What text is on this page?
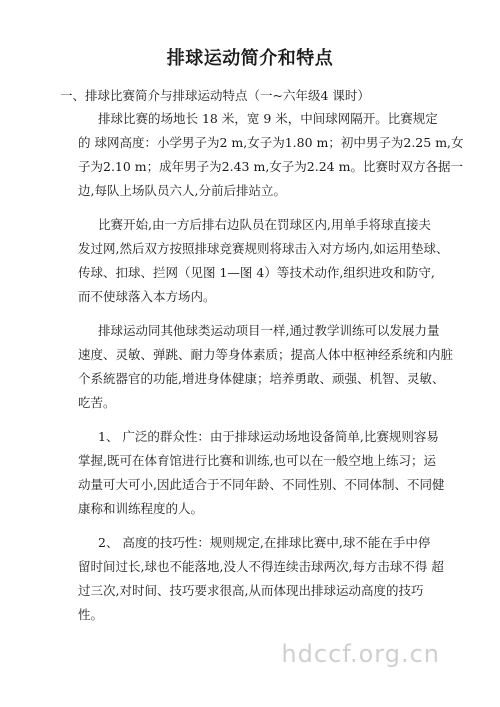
排球运动简介和特点
一、排球比赛简介与排球运动特点（一~六年级4 课时）
排球比赛的场地长 18 米，宽 9 米，中间球网隔开。比赛规定
的 球网高度：小学男子为2 m,女子为1.80 m；初中男子为2.25 m,女
子为2.10 m；成年男子为2.43 m,女子为2.24 m。比赛时双方各据一
边,每队上场队员六人,分前后排站立。
比赛开始,由一方后排右边队员在罚球区内,用单手将球直接夫
发过网,然后双方按照排球竞赛规则将球击入对方场内,如运用垫球、
传球、扣球、拦网（见图 1—图 4）等技术动作,组织进攻和防守,
而不使球落入本方场内。
排球运动同其他球类运动项目一样,通过教学训练可以发展力量
速度、灵敏、弹跳、耐力等身体素质；提高人体中枢神经系统和内脏
个系統器官的功能,增进身体健康；培养勇敢、顽强、机智、灵敏、
吃苦。
1、 广泛的群众性：由于排球运动场地设备简单,比赛规则容易
掌握,既可在体育馆进行比赛和训练,也可以在一般空地上练习；运
动量可大可小,因此适合于不同年龄、不同性别、不同体制、不同健
康称和训练程度的人。
2、 高度的技巧性：规则规定,在排球比赛中,球不能在手中停
留时间过长,球也不能落地,没人不得连续击球两次,每方击球不得 超
过三次,对时间、技巧要求很高,从而体现出排球运动高度的技巧
性。
hdccf.org.cn
